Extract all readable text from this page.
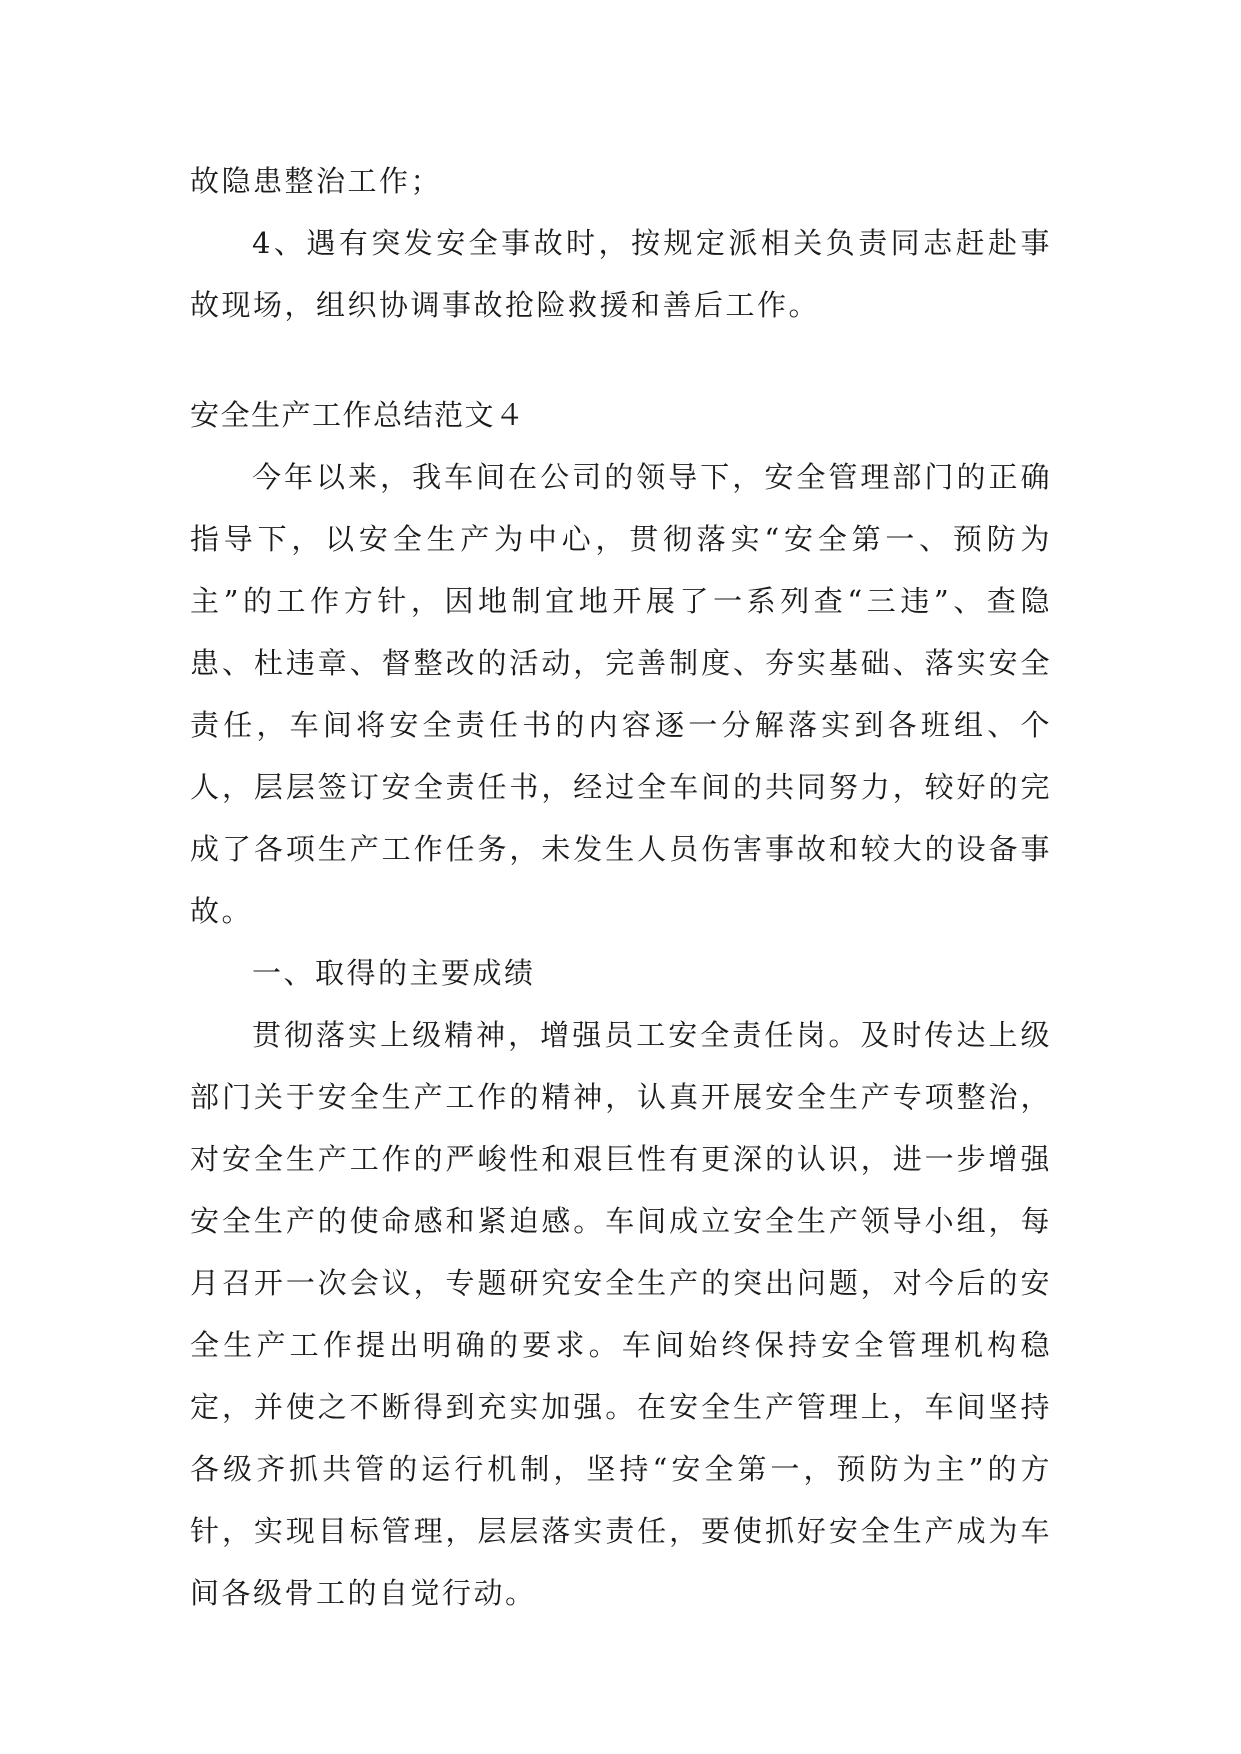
故隐患整治工作；

4、遇有突发安全事故时，按规定派相关负责同志赶赴事故现场，组织协调事故抢险救援和善后工作。

安全生产工作总结范文４

今年以来，我车间在公司的领导下，安全管理部门的正确指导下，以安全生产为中心，贯彻落实“安全第一、预防为主”的工作方针，因地制宜地开展了一系列查“三违”、查隐患、杜违章、督整改的活动，完善制度、夯实基础、落实安全责任，车间将安全责任书的内容逐一分解落实到各班组、个人，层层签订安全责任书，经过全车间的共同努力，较好的完成了各项生产工作任务，未发生人员伤害事故和较大的设备事故。

一、取得的主要成绩

贯彻落实上级精神，增强员工安全责任岗。及时传达上级部门关于安全生产工作的精神，认真开展安全生产专项整治，对安全生产工作的严峻性和艰巨性有更深的认识，进一步增强安全生产的使命感和紧迫感。车间成立安全生产领导小组，每月召开一次会议，专题研究安全生产的突出问题，对今后的安全生产工作提出明确的要求。车间始终保持安全管理机构稳定，并使之不断得到充实加强。在安全生产管理上，车间坚持各级齐抓共管的运行机制，坚持“安全第一，预防为主”的方针，实现目标管理，层层落实责任，要使抓好安全生产成为车间各级骨工的自觉行动。
